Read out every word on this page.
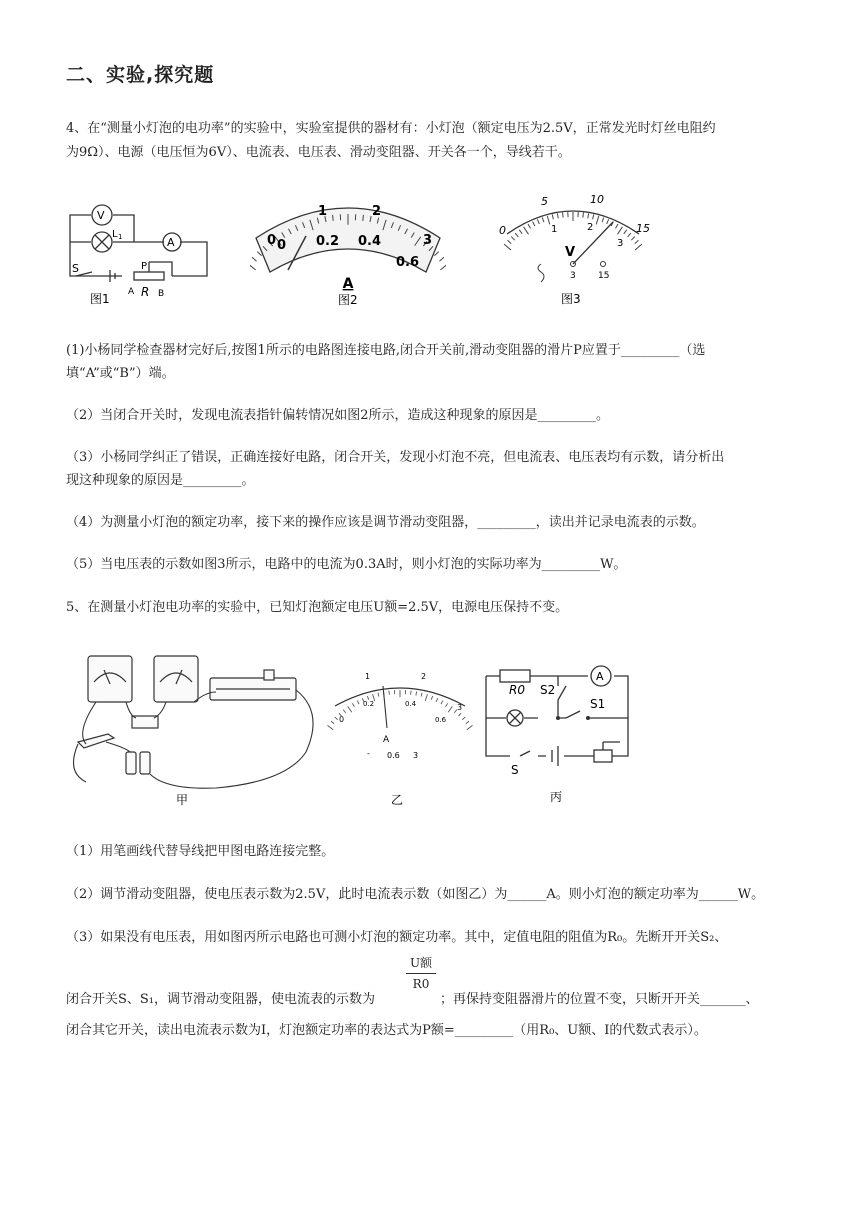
二、实验,探究题

4、在“测量小灯泡的电功率”的实验中，实验室提供的器材有：小灯泡（额定电压为2.5V，正常发光时灯丝电阻约

为9Ω）、电源（电压恒为6V）、电流表、电压表、滑动变阻器、开关各一个，导线若干。

V
A
L 1
S	P
R
A	B
图1
0
1	2
3
0 0.2 0.4
0.6
A
图2
0
5	10
15
1	2
3
V
3 15
图3

(1)小杨同学检查器材完好后,按图1所示的电路图连接电路,闭合开关前,滑动变阻器的滑片P应置于_________（选

填“A”或“B”）端。

（2）当闭合开关时，发现电流表指针偏转情况如图2所示，造成这种现象的原因是_________。

（3）小杨同学纠正了错误，正确连接好电路，闭合开关，发现小灯泡不亮，但电流表、电压表均有示数，请分析出

现这种现象的原因是_________。

（4）为测量小灯泡的额定功率，接下来的操作应该是调节滑动变阻器，_________，读出并记录电流表的示数。

（5）当电压表的示数如图3所示，电路中的电流为0.3A时，则小灯泡的实际功率为_________W。

5、在测量小灯泡电功率的实验中，已知灯泡额定电压U额=2.5V，电源电压保持不变。

甲
0
1	2
3
0.2	0.4
0.6
A
- 0.6 3
乙
R0 S2
S1
S
A
丙

（1）用笔画线代替导线把甲图电路连接完整。

（2）调节滑动变阻器，使电压表示数为2.5V，此时电流表示数（如图乙）为______A。则小灯泡的额定功率为______W。

（3）如果没有电压表，用如图丙所示电路也可测小灯泡的额定功率。其中，定值电阻的阻值为R₀。先断开开关S₂、

U额
R0

闭合开关S、S₁，调节滑动变阻器，使电流表的示数为	；再保持变阻器滑片的位置不变，只断开开关_______、

闭合其它开关，读出电流表示数为I，灯泡额定功率的表达式为P额=_________（用R₀、U额、I的代数式表示）。
